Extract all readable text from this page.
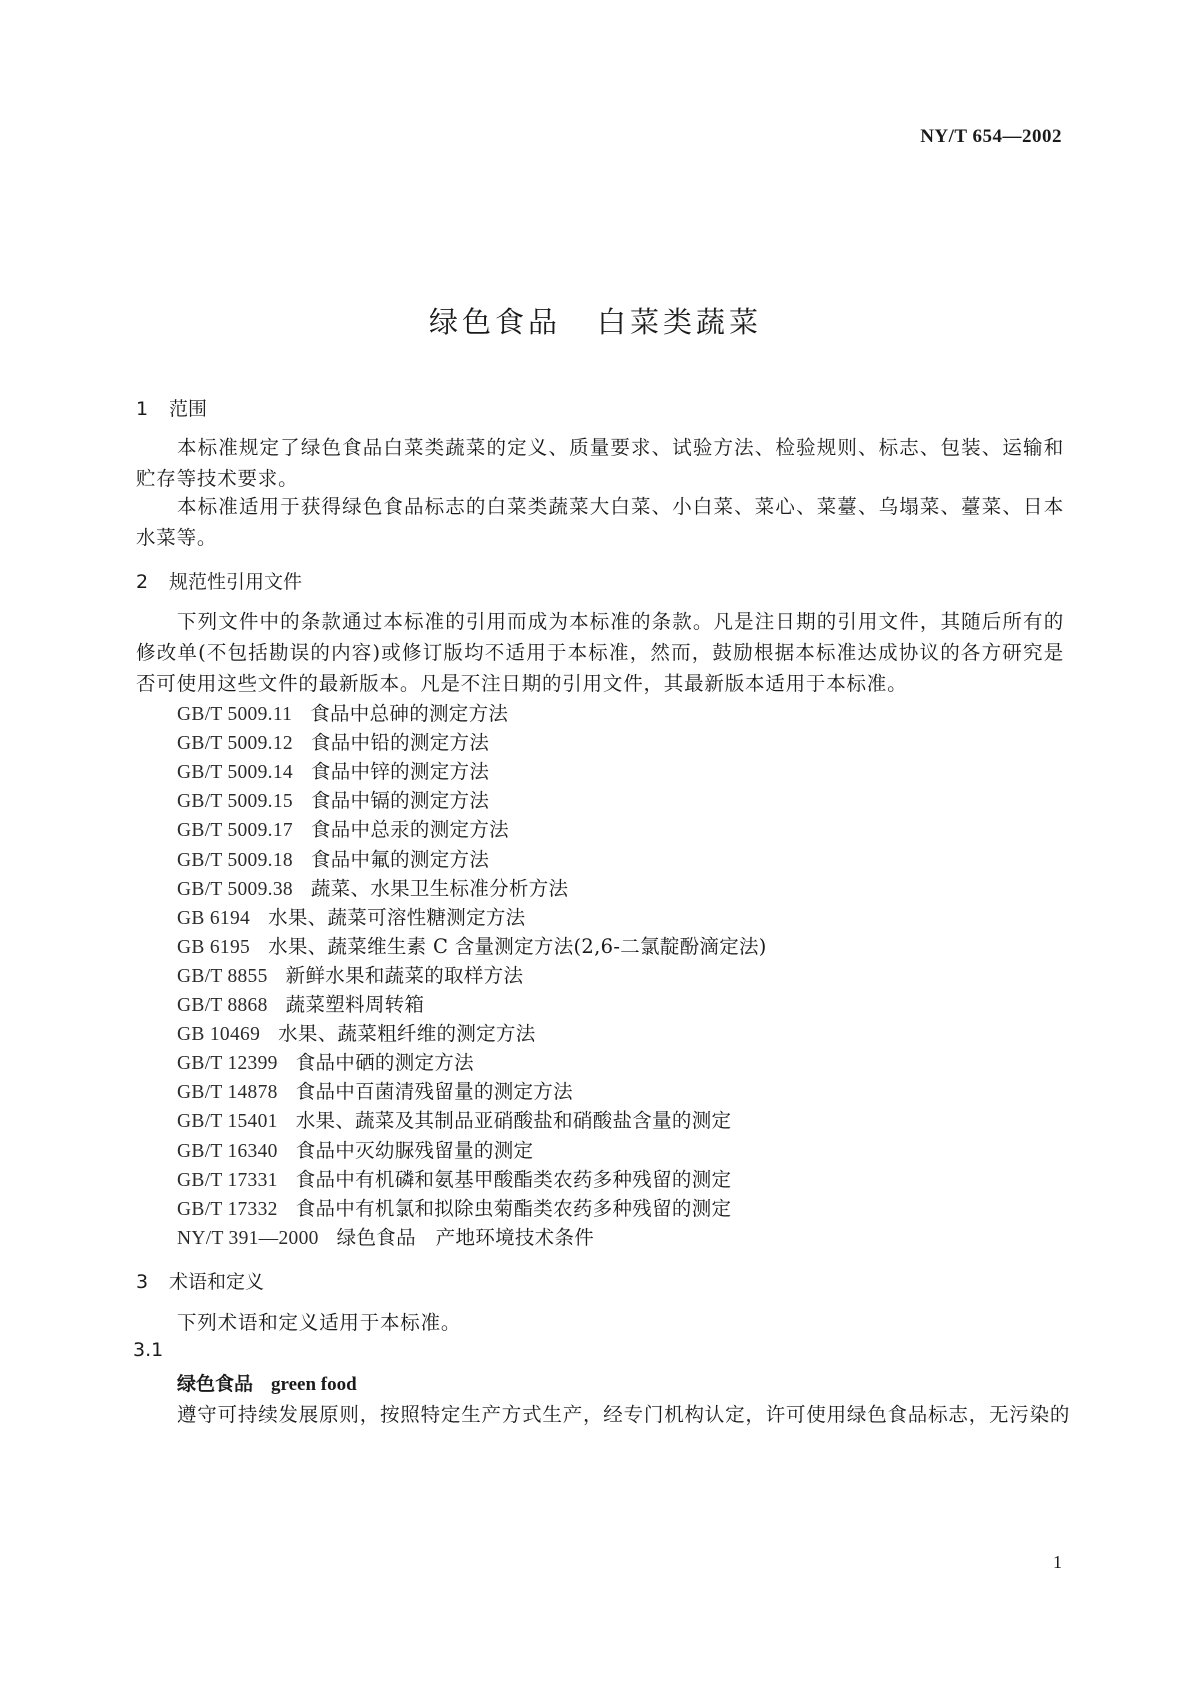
NY/T 654—2002
绿色食品 白菜类蔬菜
1 范围

本标准规定了绿色食品白菜类蔬菜的定义、质量要求、试验方法、检验规则、标志、包装、运输和贮存等技术要求。

本标准适用于获得绿色食品标志的白菜类蔬菜大白菜、小白菜、菜心、菜薹、乌塌菜、薹菜、日本水菜等。

2 规范性引用文件

下列文件中的条款通过本标准的引用而成为本标准的条款。凡是注日期的引用文件，其随后所有的修改单(不包括勘误的内容)或修订版均不适用于本标准，然而，鼓励根据本标准达成协议的各方研究是否可使用这些文件的最新版本。凡是不注日期的引用文件，其最新版本适用于本标准。

GB/T 5009.11 食品中总砷的测定方法
GB/T 5009.12 食品中铅的测定方法
GB/T 5009.14 食品中锌的测定方法
GB/T 5009.15 食品中镉的测定方法
GB/T 5009.17 食品中总汞的测定方法
GB/T 5009.18 食品中氟的测定方法
GB/T 5009.38 蔬菜、水果卫生标准分析方法
GB 6194 水果、蔬菜可溶性糖测定方法
GB 6195 水果、蔬菜维生素 C 含量测定方法(2,6-二氯靛酚滴定法)
GB/T 8855 新鲜水果和蔬菜的取样方法
GB/T 8868 蔬菜塑料周转箱
GB 10469 水果、蔬菜粗纤维的测定方法
GB/T 12399 食品中硒的测定方法
GB/T 14878 食品中百菌清残留量的测定方法
GB/T 15401 水果、蔬菜及其制品亚硝酸盐和硝酸盐含量的测定
GB/T 16340 食品中灭幼脲残留量的测定
GB/T 17331 食品中有机磷和氨基甲酸酯类农药多种残留的测定
GB/T 17332 食品中有机氯和拟除虫菊酯类农药多种残留的测定
NY/T 391—2000 绿色食品　产地环境技术条件
3 术语和定义
下列术语和定义适用于本标准。
3.1
绿色食品 green food
遵守可持续发展原则，按照特定生产方式生产，经专门机构认定，许可使用绿色食品标志，无污染的
1
